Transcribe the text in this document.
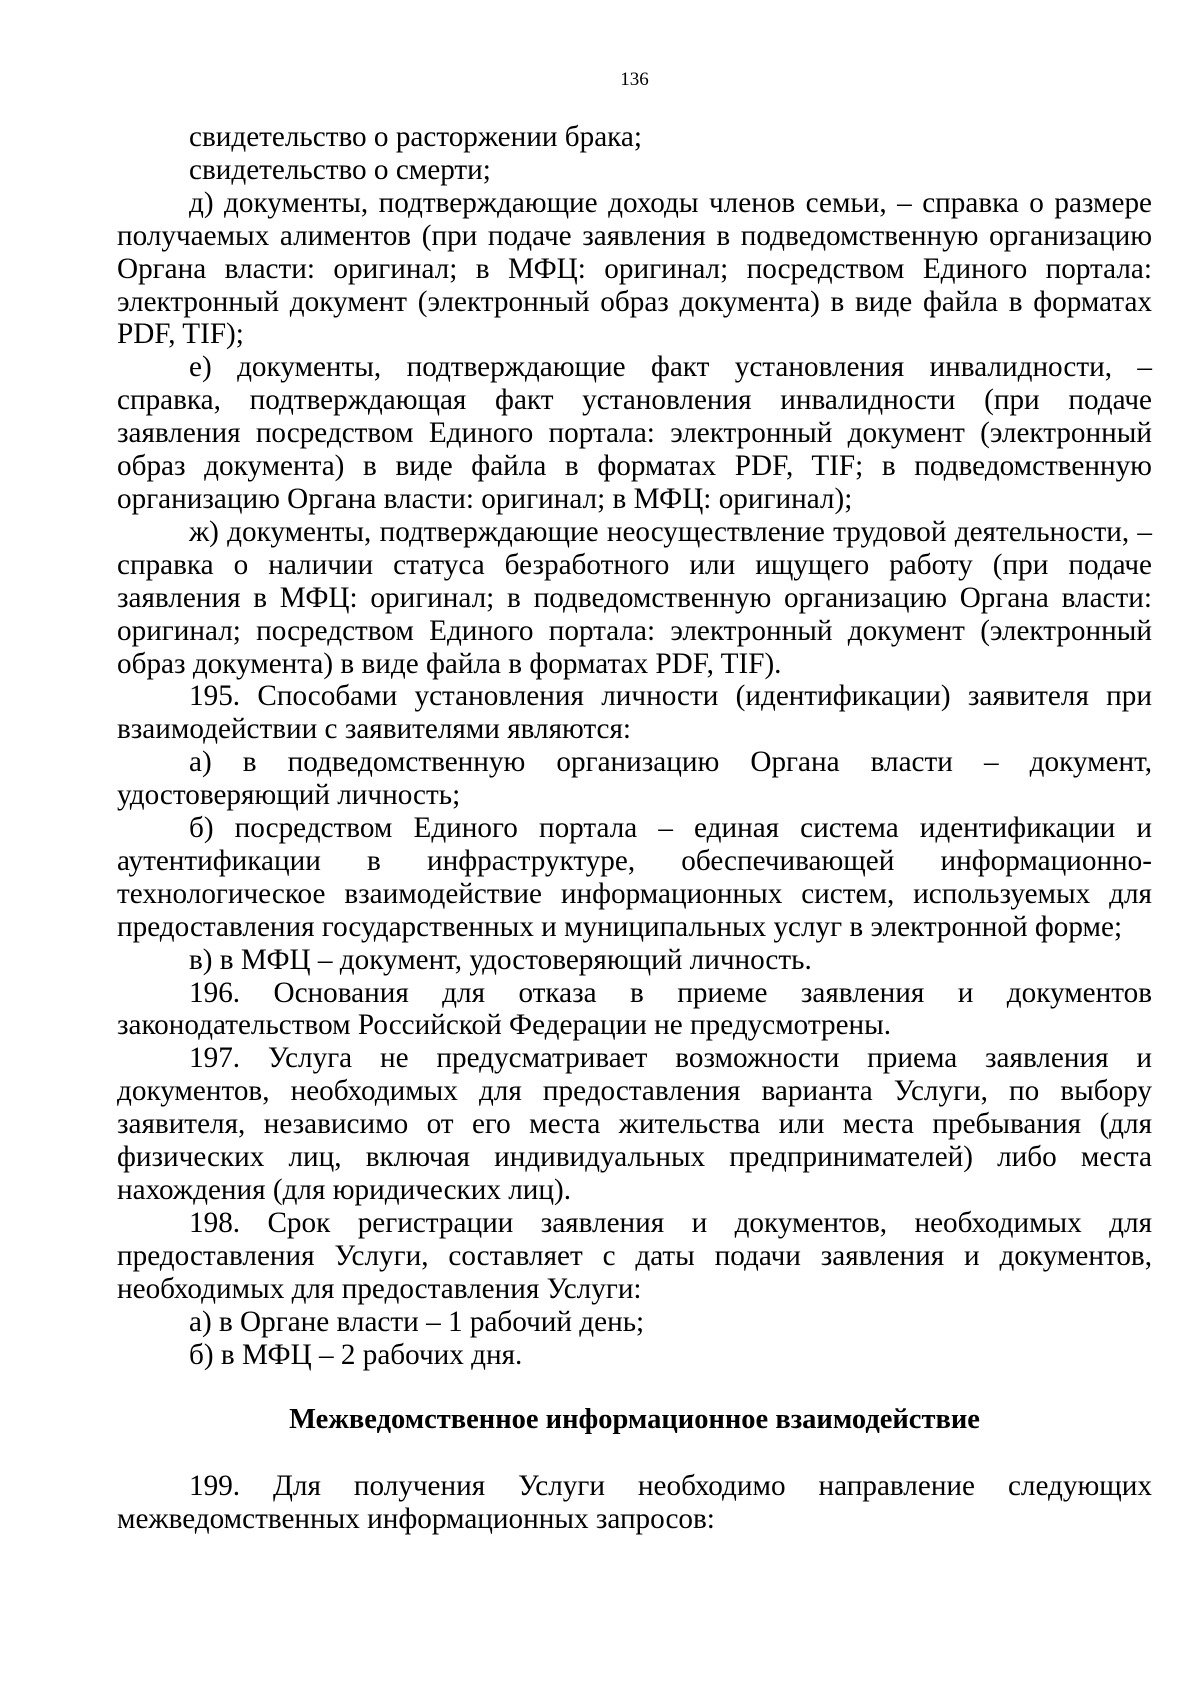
136

свидетельство о расторжении брака;

свидетельство о смерти;

д) документы, подтверждающие доходы членов семьи, – справка о размере получаемых алиментов (при подаче заявления в подведомственную организацию Органа власти: оригинал; в МФЦ: оригинал; посредством Единого портала: электронный документ (электронный образ документа) в виде файла в форматах PDF, TIF);

е) документы, подтверждающие факт установления инвалидности, – справка, подтверждающая факт установления инвалидности (при подаче заявления посредством Единого портала: электронный документ (электронный образ документа) в виде файла в форматах PDF, TIF; в подведомственную организацию Органа власти: оригинал; в МФЦ: оригинал);

ж) документы, подтверждающие неосуществление трудовой деятельности, – справка о наличии статуса безработного или ищущего работу (при подаче заявления в МФЦ: оригинал; в подведомственную организацию Органа власти: оригинал; посредством Единого портала: электронный документ (электронный образ документа) в виде файла в форматах PDF, TIF).

195. Способами установления личности (идентификации) заявителя при взаимодействии с заявителями являются:

а) в подведомственную организацию Органа власти – документ, удостоверяющий личность;

б) посредством Единого портала – единая система идентификации и аутентификации в инфраструктуре, обеспечивающей информационно-технологическое взаимодействие информационных систем, используемых для предоставления государственных и муниципальных услуг в электронной форме;

в) в МФЦ – документ, удостоверяющий личность.

196. Основания для отказа в приеме заявления и документов законодательством Российской Федерации не предусмотрены.

197. Услуга не предусматривает возможности приема заявления и документов, необходимых для предоставления варианта Услуги, по выбору заявителя, независимо от его места жительства или места пребывания (для физических лиц, включая индивидуальных предпринимателей) либо места нахождения (для юридических лиц).

198. Срок регистрации заявления и документов, необходимых для предоставления Услуги, составляет с даты подачи заявления и документов, необходимых для предоставления Услуги:

а) в Органе власти – 1 рабочий день;

б) в МФЦ – 2 рабочих дня.

Межведомственное информационное взаимодействие

199. Для получения Услуги необходимо направление следующих межведомственных информационных запросов:
